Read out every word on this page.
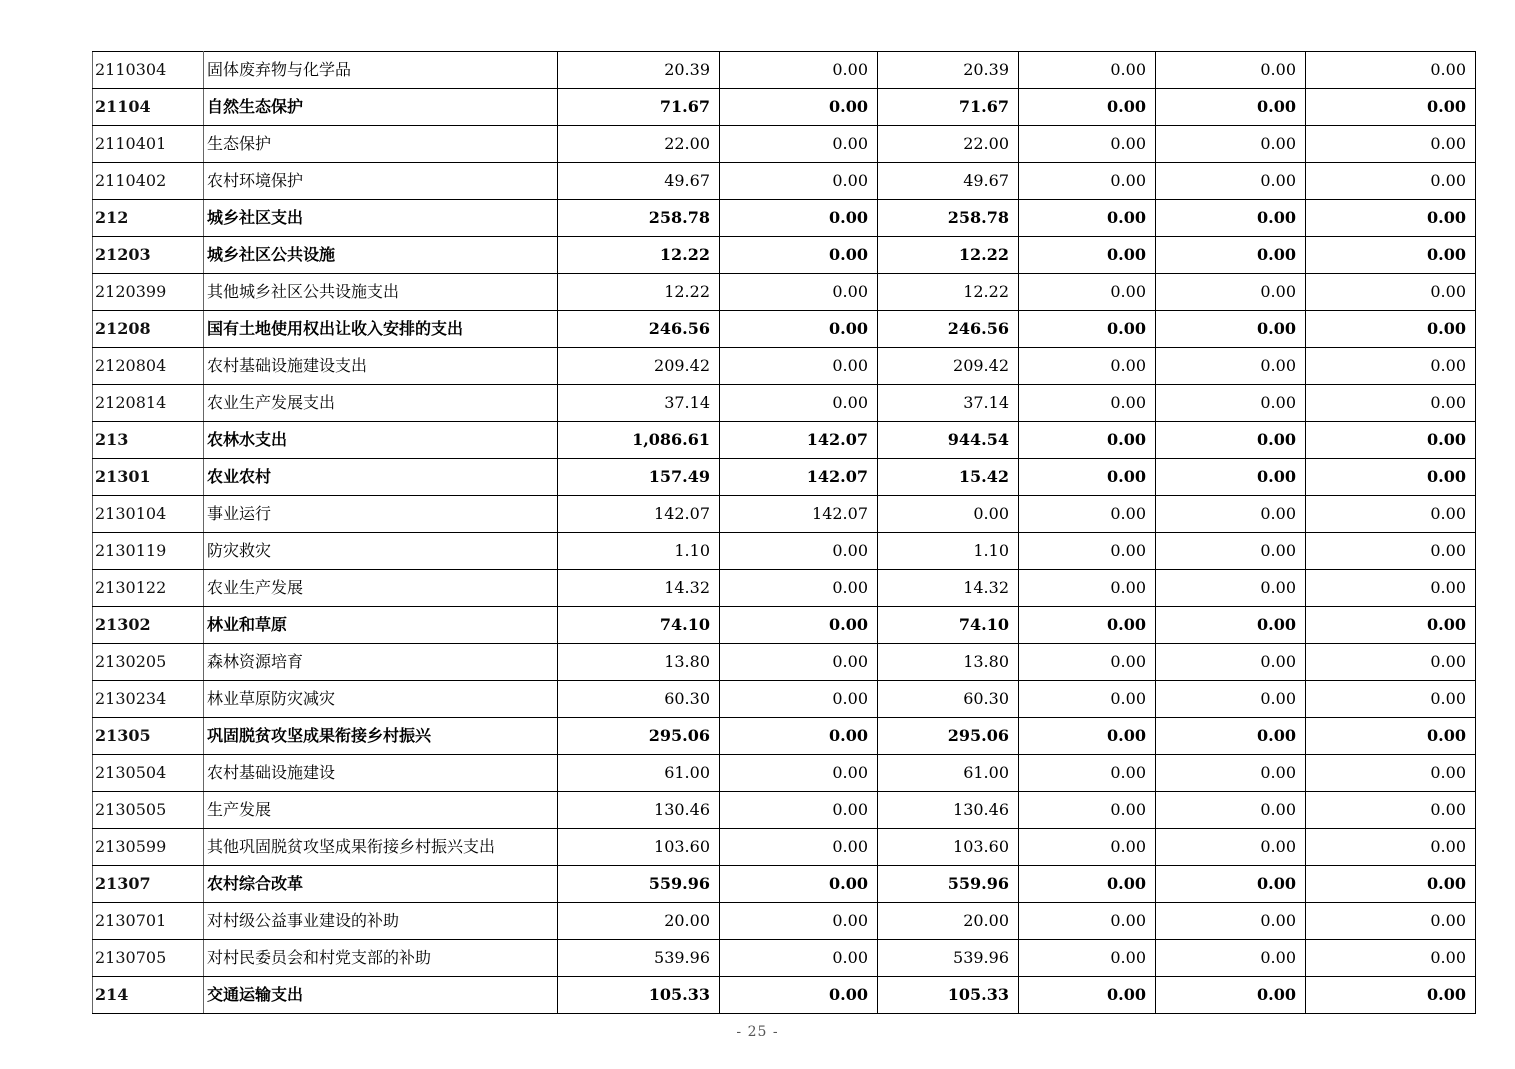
2110304	固体废弃物与化学品	20.39	0.00	20.39	0.00	0.00	0.00
21104	自然生态保护	71.67	0.00	71.67	0.00	0.00	0.00
2110401	生态保护	22.00	0.00	22.00	0.00	0.00	0.00
2110402	农村环境保护	49.67	0.00	49.67	0.00	0.00	0.00
212	城乡社区支出	258.78	0.00	258.78	0.00	0.00	0.00
21203	城乡社区公共设施	12.22	0.00	12.22	0.00	0.00	0.00
2120399	其他城乡社区公共设施支出	12.22	0.00	12.22	0.00	0.00	0.00
21208	国有土地使用权出让收入安排的支出	246.56	0.00	246.56	0.00	0.00	0.00
2120804	农村基础设施建设支出	209.42	0.00	209.42	0.00	0.00	0.00
2120814	农业生产发展支出	37.14	0.00	37.14	0.00	0.00	0.00
213	农林水支出	1,086.61	142.07	944.54	0.00	0.00	0.00
21301	农业农村	157.49	142.07	15.42	0.00	0.00	0.00
2130104	事业运行	142.07	142.07	0.00	0.00	0.00	0.00
2130119	防灾救灾	1.10	0.00	1.10	0.00	0.00	0.00
2130122	农业生产发展	14.32	0.00	14.32	0.00	0.00	0.00
21302	林业和草原	74.10	0.00	74.10	0.00	0.00	0.00
2130205	森林资源培育	13.80	0.00	13.80	0.00	0.00	0.00
2130234	林业草原防灾减灾	60.30	0.00	60.30	0.00	0.00	0.00
21305	巩固脱贫攻坚成果衔接乡村振兴	295.06	0.00	295.06	0.00	0.00	0.00
2130504	农村基础设施建设	61.00	0.00	61.00	0.00	0.00	0.00
2130505	生产发展	130.46	0.00	130.46	0.00	0.00	0.00
2130599	其他巩固脱贫攻坚成果衔接乡村振兴支出	103.60	0.00	103.60	0.00	0.00	0.00
21307	农村综合改革	559.96	0.00	559.96	0.00	0.00	0.00
2130701	对村级公益事业建设的补助	20.00	0.00	20.00	0.00	0.00	0.00
2130705	对村民委员会和村党支部的补助	539.96	0.00	539.96	0.00	0.00	0.00
214	交通运输支出	105.33	0.00	105.33	0.00	0.00	0.00
- 25 -
